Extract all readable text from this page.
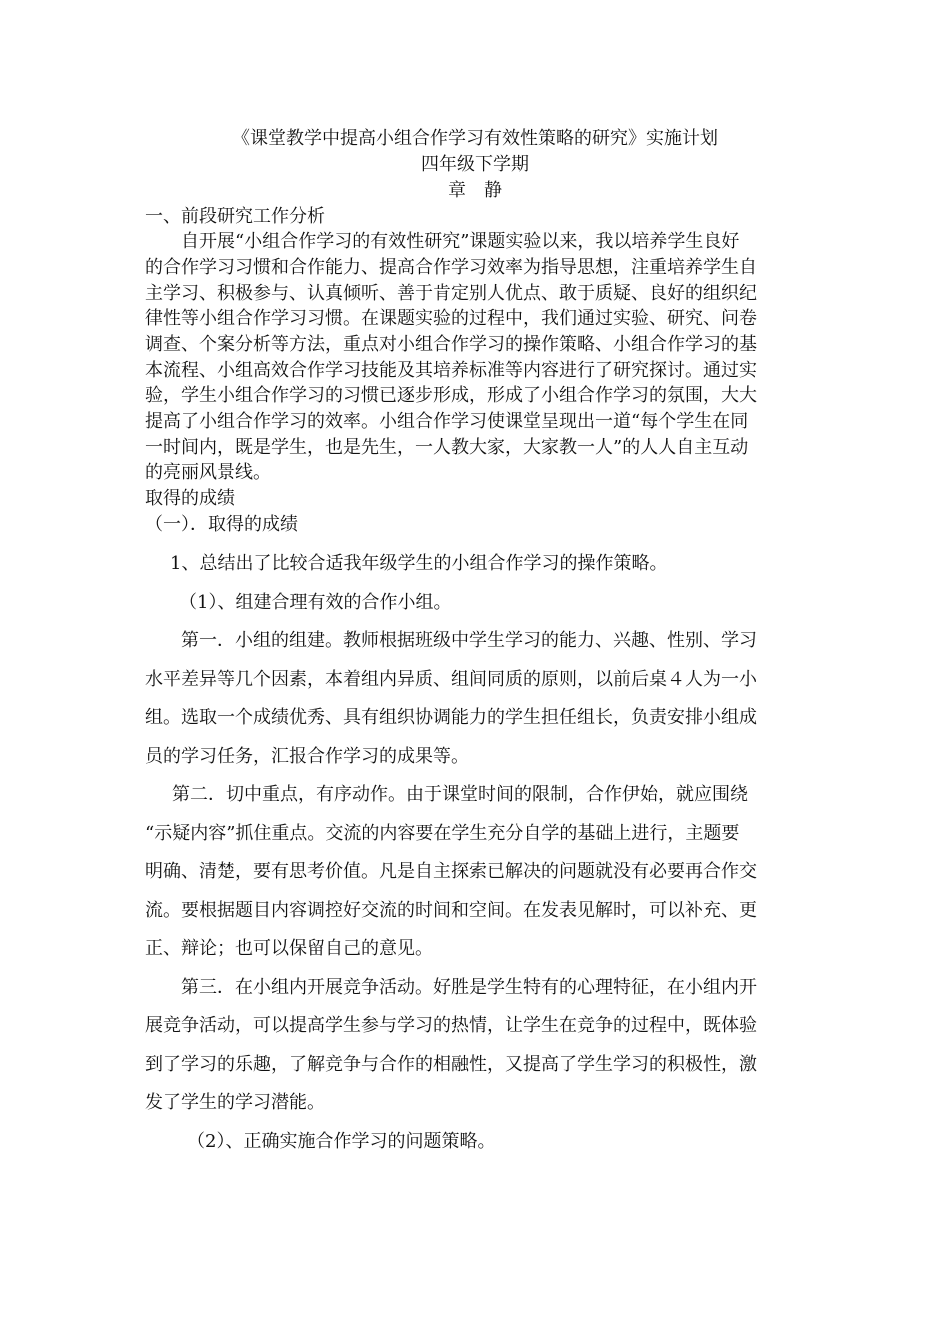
《课堂教学中提高小组合作学习有效性策略的研究》实施计划
四年级下学期
章　静
一、前段研究工作分析
自开展“小组合作学习的有效性研究”课题实验以来，我以培养学生良好
的合作学习习惯和合作能力、提高合作学习效率为指导思想，注重培养学生自
主学习、积极参与、认真倾听、善于肯定别人优点、敢于质疑、良好的组织纪
律性等小组合作学习习惯。在课题实验的过程中，我们通过实验、研究、问卷
调查、个案分析等方法，重点对小组合作学习的操作策略、小组合作学习的基
本流程、小组高效合作学习技能及其培养标准等内容进行了研究探讨。通过实
验，学生小组合作学习的习惯已逐步形成，形成了小组合作学习的氛围，大大
提高了小组合作学习的效率。小组合作学习使课堂呈现出一道“每个学生在同
一时间内，既是学生，也是先生，一人教大家，大家教一人”的人人自主互动
的亮丽风景线。
取得的成绩
（一）．取得的成绩
1、总结出了比较合适我年级学生的小组合作学习的操作策略。
（1）、组建合理有效的合作小组。
第一．小组的组建。教师根据班级中学生学习的能力、兴趣、性别、学习
水平差异等几个因素，本着组内异质、组间同质的原则，以前后桌４人为一小
组。选取一个成绩优秀、具有组织协调能力的学生担任组长，负责安排小组成
员的学习任务，汇报合作学习的成果等。
第二．切中重点，有序动作。由于课堂时间的限制，合作伊始，就应围绕
“示疑内容”抓住重点。交流的内容要在学生充分自学的基础上进行，主题要
明确、清楚，要有思考价值。凡是自主探索已解决的问题就没有必要再合作交
流。要根据题目内容调控好交流的时间和空间。在发表见解时，可以补充、更
正、辩论；也可以保留自己的意见。
第三．在小组内开展竞争活动。好胜是学生特有的心理特征，在小组内开
展竞争活动，可以提高学生参与学习的热情，让学生在竞争的过程中，既体验
到了学习的乐趣，了解竞争与合作的相融性，又提高了学生学习的积极性，激
发了学生的学习潜能。
（2）、正确实施合作学习的问题策略。
